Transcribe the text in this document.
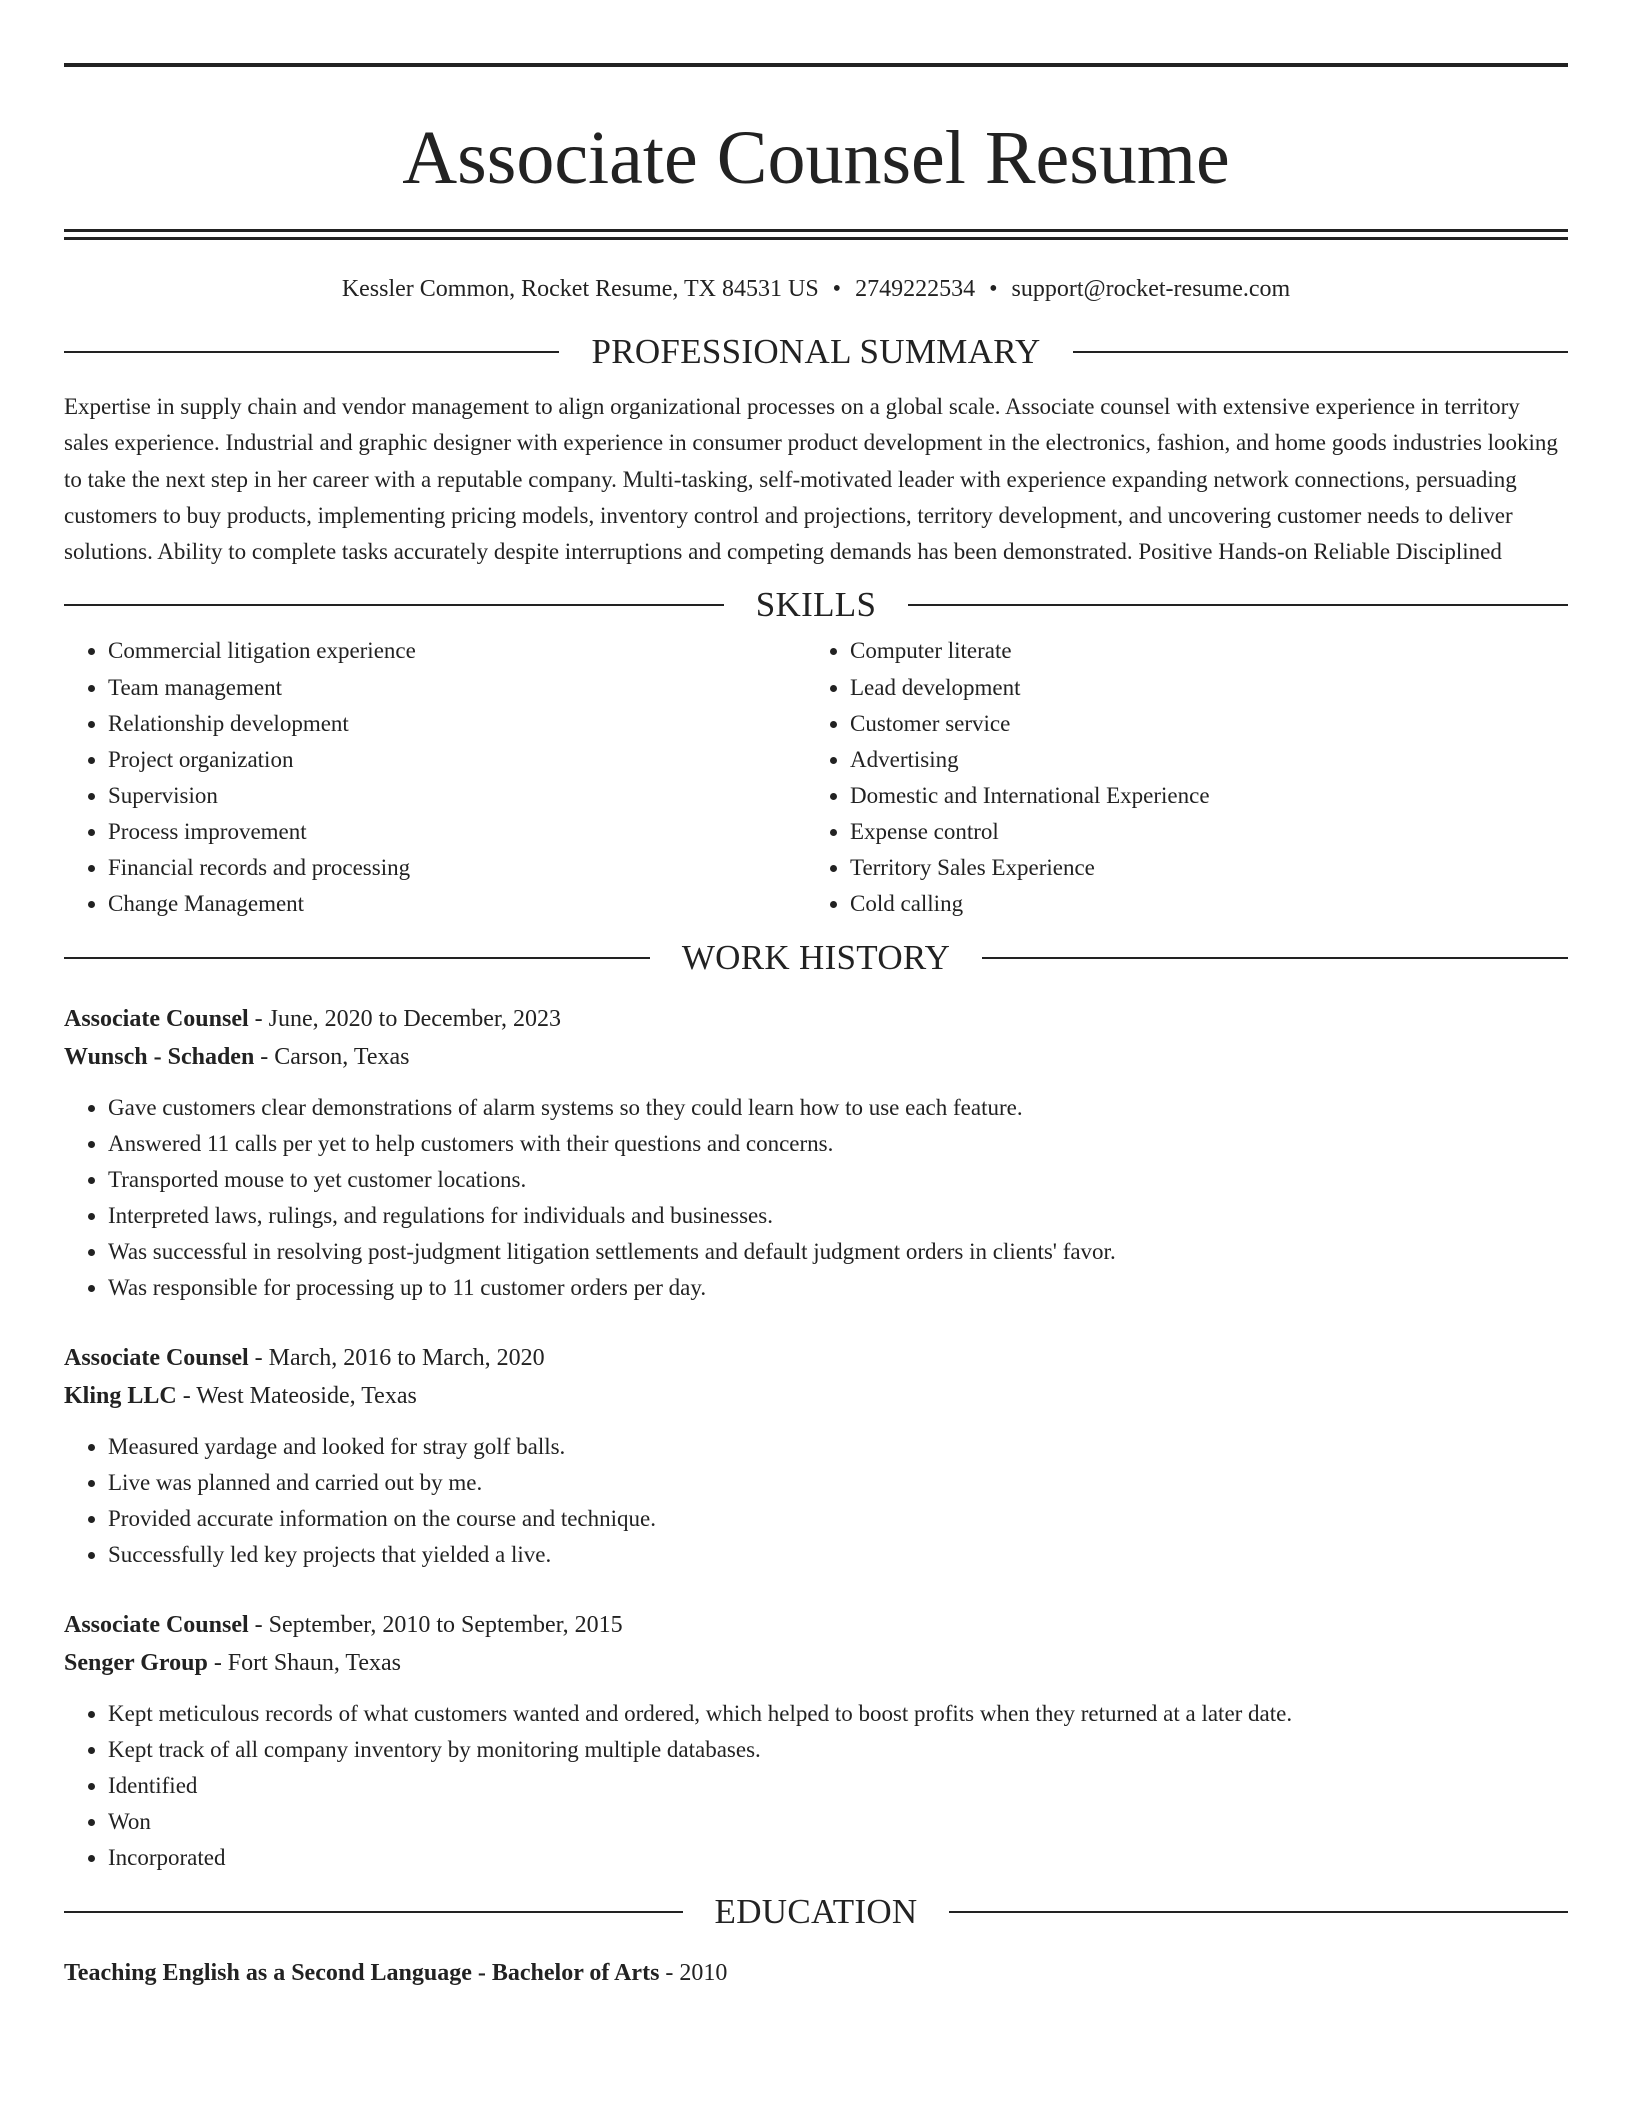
Associate Counsel Resume
Kessler Common, Rocket Resume, TX 84531 US • 2749222534 • support@rocket-resume.com
PROFESSIONAL SUMMARY

Expertise in supply chain and vendor management to align organizational processes on a global scale. Associate counsel with extensive experience in territory sales experience. Industrial and graphic designer with experience in consumer product development in the electronics, fashion, and home goods industries looking to take the next step in her career with a reputable company. Multi-tasking, self-motivated leader with experience expanding network connections, persuading customers to buy products, implementing pricing models, inventory control and projections, territory development, and uncovering customer needs to deliver solutions. Ability to complete tasks accurately despite interruptions and competing demands has been demonstrated. Positive Hands-on Reliable Disciplined

SKILLS
• Commercial litigation experience
• Team management
• Relationship development
• Project organization
• Supervision
• Process improvement
• Financial records and processing
• Change Management
• Computer literate
• Lead development
• Customer service
• Advertising
• Domestic and International Experience
• Expense control
• Territory Sales Experience
• Cold calling
WORK HISTORY
Associate Counsel - June, 2020 to December, 2023
Wunsch - Schaden - Carson, Texas
• Gave customers clear demonstrations of alarm systems so they could learn how to use each feature.
• Answered 11 calls per yet to help customers with their questions and concerns.
• Transported mouse to yet customer locations.
• Interpreted laws, rulings, and regulations for individuals and businesses.
• Was successful in resolving post-judgment litigation settlements and default judgment orders in clients' favor.
• Was responsible for processing up to 11 customer orders per day.
Associate Counsel - March, 2016 to March, 2020
Kling LLC - West Mateoside, Texas
• Measured yardage and looked for stray golf balls.
• Live was planned and carried out by me.
• Provided accurate information on the course and technique.
• Successfully led key projects that yielded a live.
Associate Counsel - September, 2010 to September, 2015
Senger Group - Fort Shaun, Texas
• Kept meticulous records of what customers wanted and ordered, which helped to boost profits when they returned at a later date.
• Kept track of all company inventory by monitoring multiple databases.
• Identified
• Won
• Incorporated
EDUCATION
Teaching English as a Second Language - Bachelor of Arts - 2010
